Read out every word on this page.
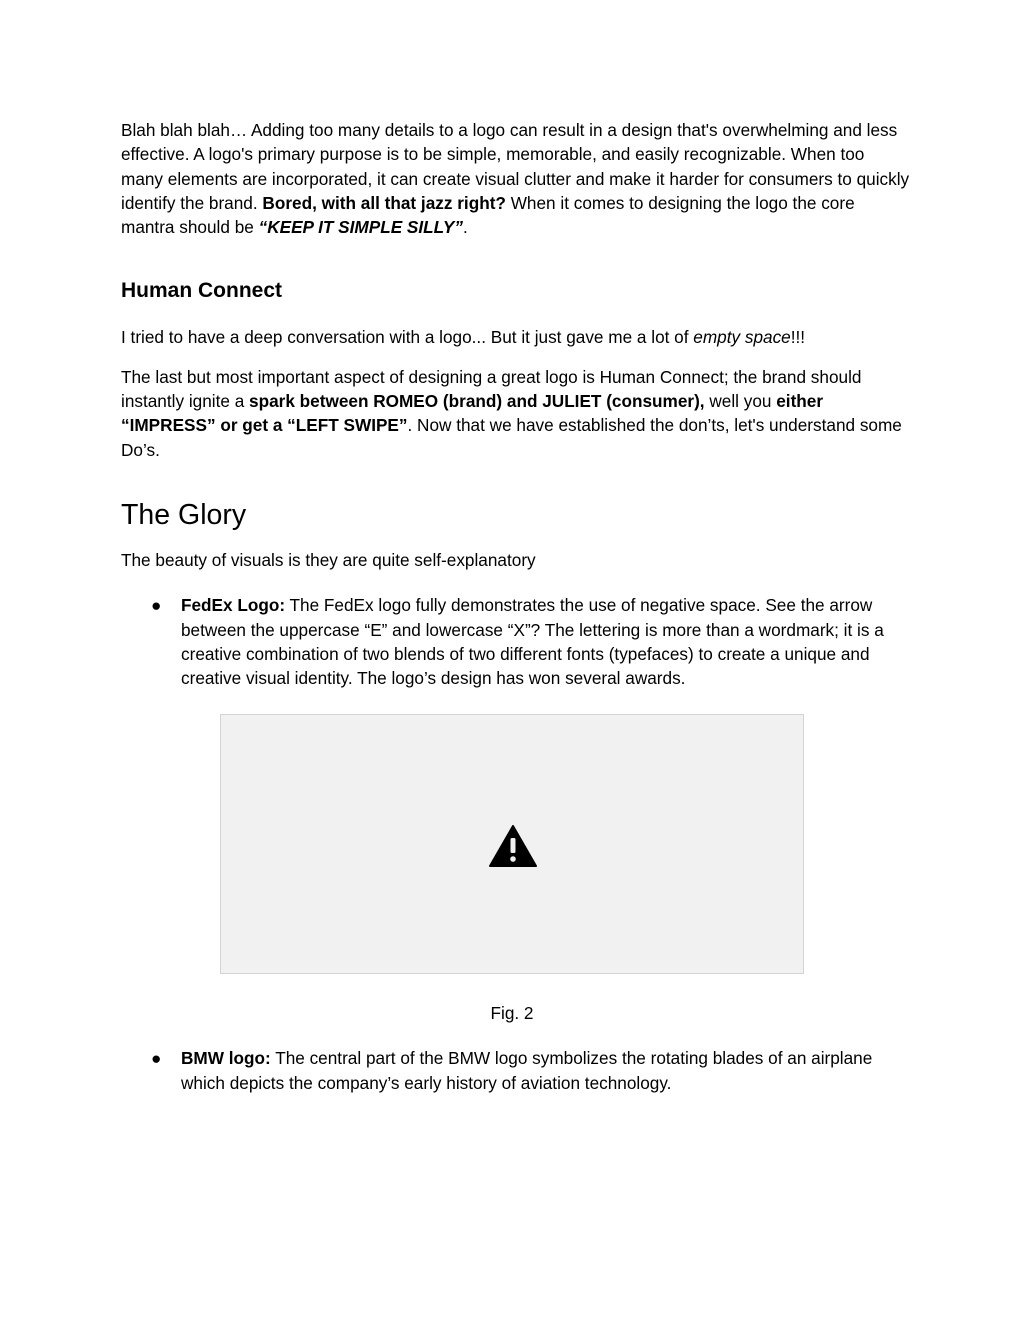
Blah blah blah… Adding too many details to a logo can result in a design that's overwhelming and less effective. A logo's primary purpose is to be simple, memorable, and easily recognizable. When too many elements are incorporated, it can create visual clutter and make it harder for consumers to quickly identify the brand. Bored, with all that jazz right? When it comes to designing the logo the core mantra should be “KEEP IT SIMPLE SILLY”.

Human Connect

I tried to have a deep conversation with a logo... But it just gave me a lot of empty space!!!

The last but most important aspect of designing a great logo is Human Connect; the brand should instantly ignite a spark between ROMEO (brand) and JULIET (consumer), well you either “IMPRESS” or get a “LEFT SWIPE”. Now that we have established the don’ts, let's understand some Do’s.

The Glory

The beauty of visuals is they are quite self-explanatory

● FedEx Logo: The FedEx logo fully demonstrates the use of negative space. See the arrow between the uppercase “E” and lowercase “X”? The lettering is more than a wordmark; it is a creative combination of two blends of two different fonts (typefaces) to create a unique and creative visual identity. The logo’s design has won several awards.
Fig. 2
● BMW logo: The central part of the BMW logo symbolizes the rotating blades of an airplane which depicts the company’s early history of aviation technology.
